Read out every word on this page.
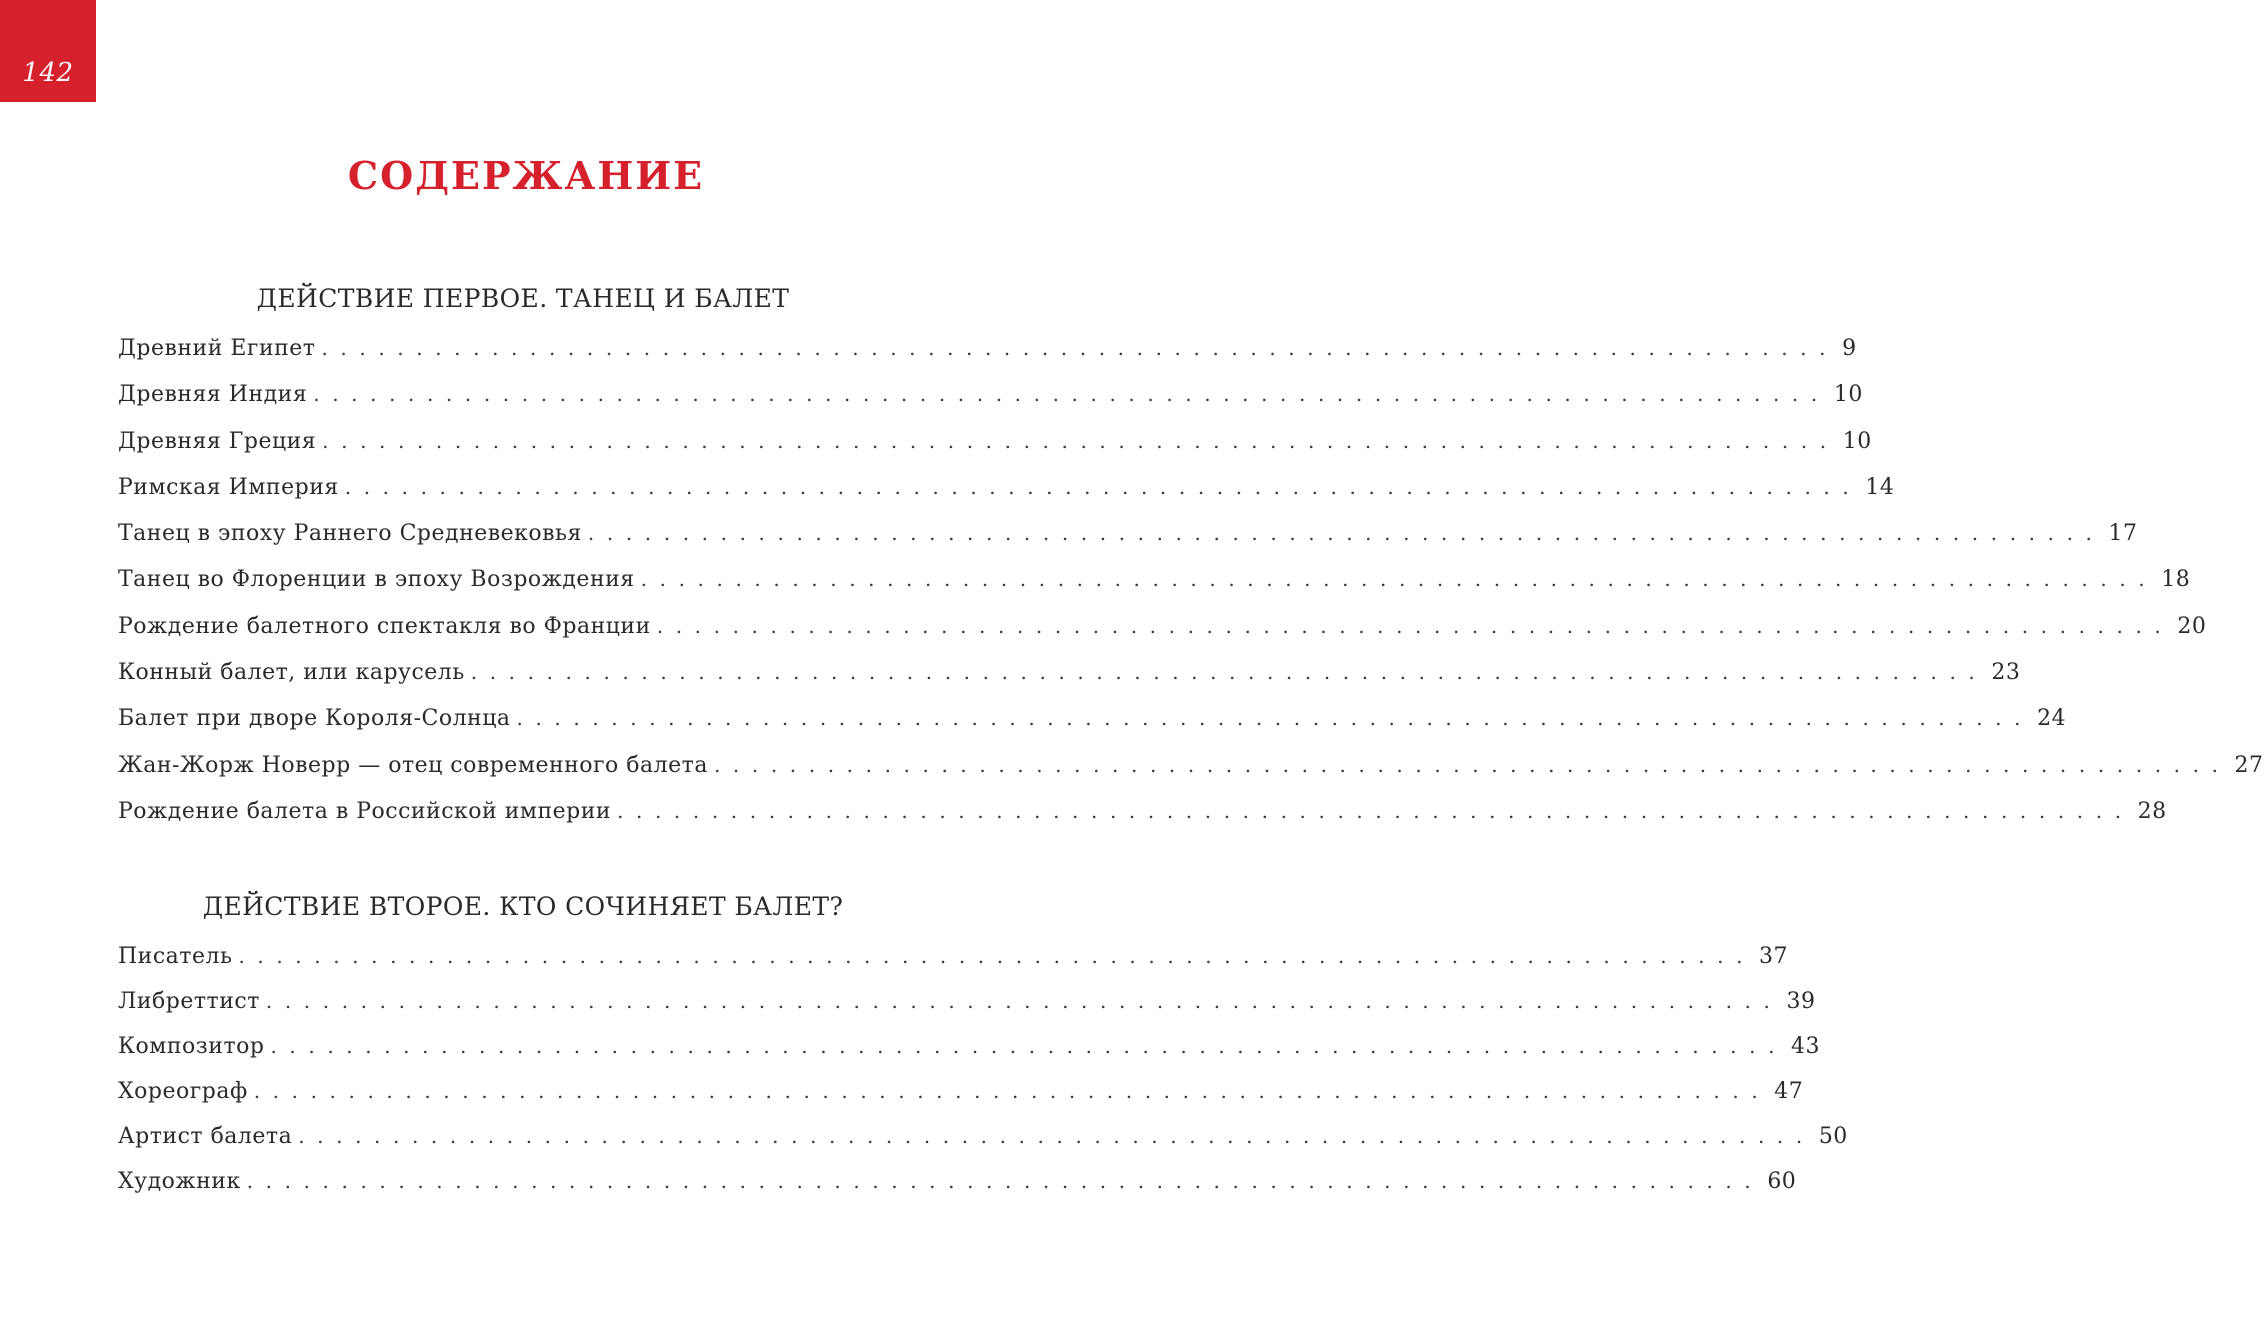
142
СОДЕРЖАНИЕ
ДЕЙСТВИЕ ПЕРВОЕ. ТАНЕЦ И БАЛЕТ
Древний Египет ................................................................................ 9
Древняя Индия ................................................................................ 10
Древняя Греция ................................................................................ 10
Римская Империя ................................................................................ 14
Танец в эпоху Раннего Средневековья ................................................................................ 17
Танец во Флоренции в эпоху Возрождения ................................................................................ 18
Рождение балетного спектакля во Франции ................................................................................ 20
Конный балет, или карусель ................................................................................ 23
Балет при дворе Короля-Солнца ................................................................................ 24
Жан-Жорж Новерр — отец современного балета ................................................................................ 27
Рождение балета в Российской империи ................................................................................ 28
ДЕЙСТВИЕ ВТОРОЕ. КТО СОЧИНЯЕТ БАЛЕТ?
Писатель ................................................................................ 37
Либреттист ................................................................................ 39
Композитор ................................................................................ 43
Хореограф ................................................................................ 47
Артист балета ................................................................................ 50
Художник ................................................................................ 60
